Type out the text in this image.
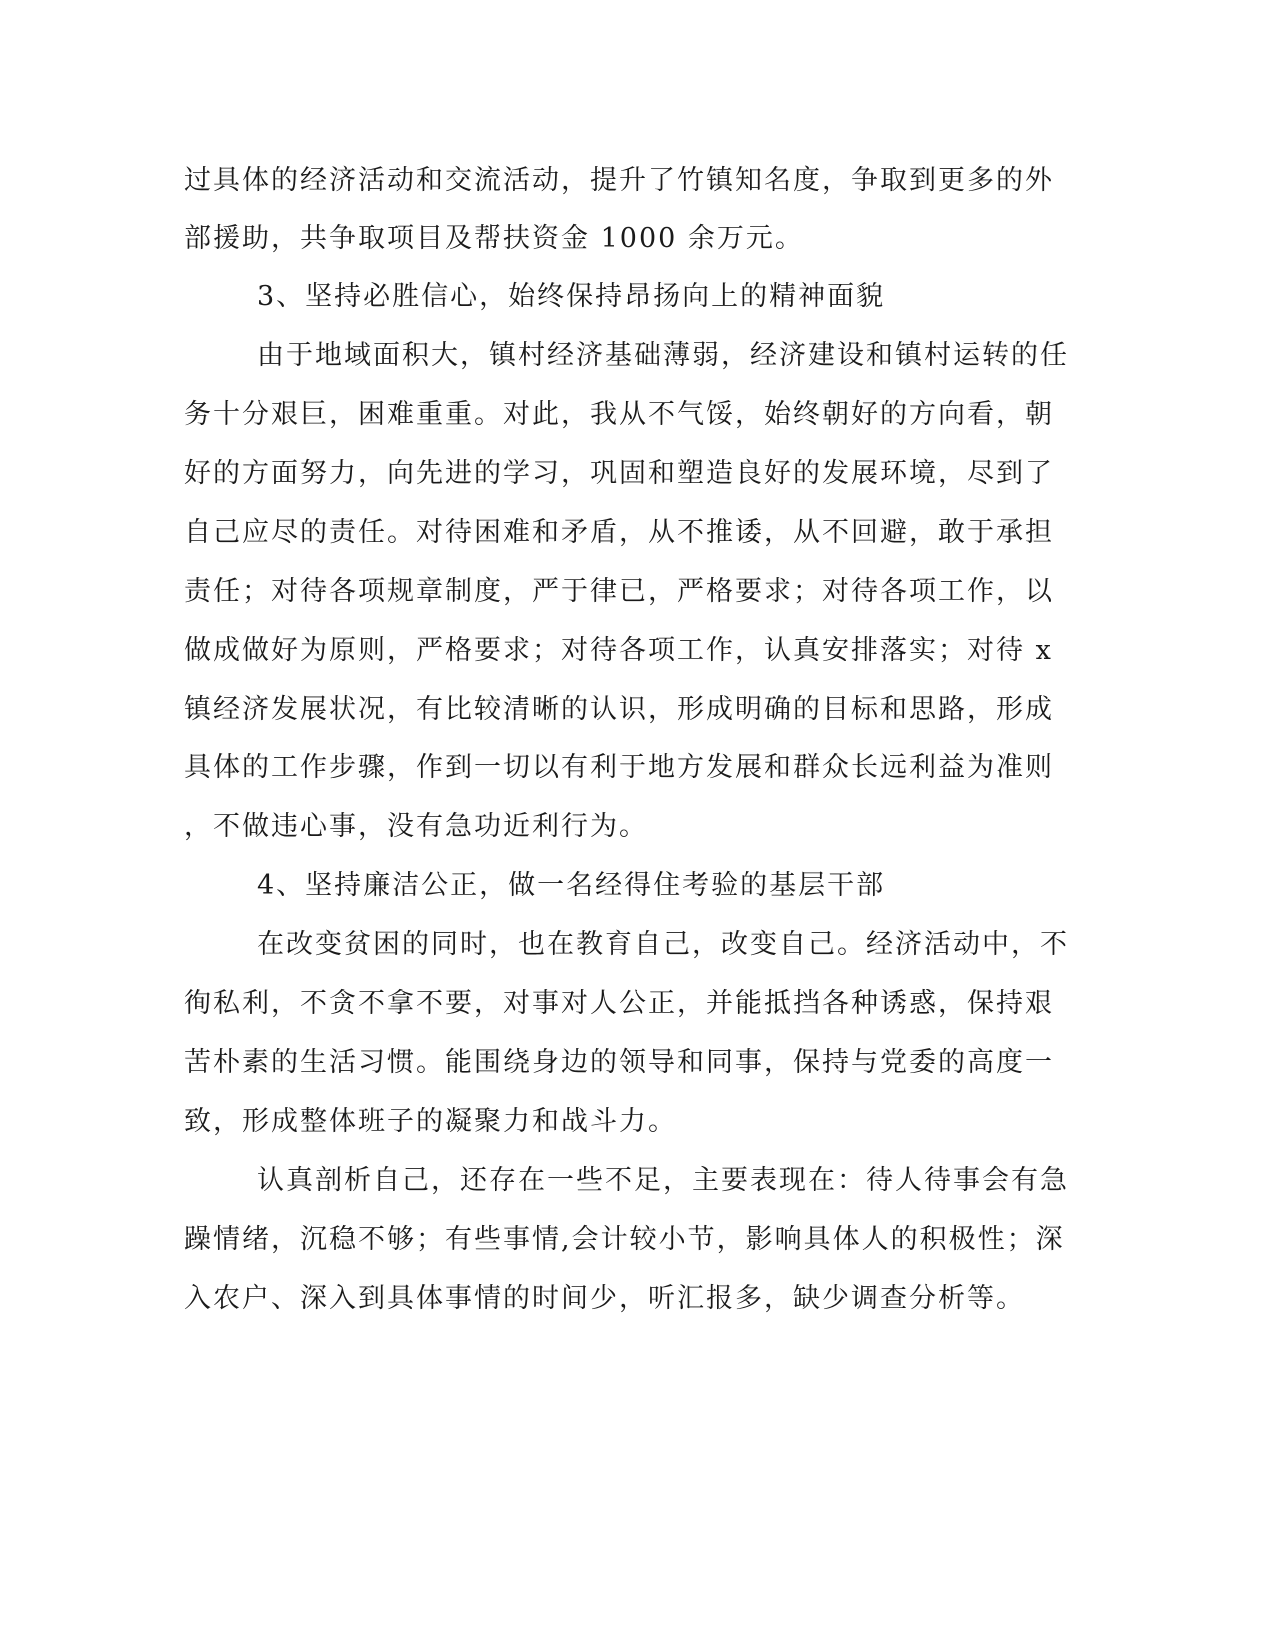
过具体的经济活动和交流活动，提升了竹镇知名度，争取到更多的外
部援助，共争取项目及帮扶资金 1000 余万元。
3、坚持必胜信心，始终保持昂扬向上的精神面貌
由于地域面积大，镇村经济基础薄弱，经济建设和镇村运转的任
务十分艰巨，困难重重。对此，我从不气馁，始终朝好的方向看，朝
好的方面努力，向先进的学习，巩固和塑造良好的发展环境，尽到了
自己应尽的责任。对待困难和矛盾，从不推诿，从不回避，敢于承担
责任；对待各项规章制度，严于律已，严格要求；对待各项工作，以
做成做好为原则，严格要求；对待各项工作，认真安排落实；对待 x
镇经济发展状况，有比较清晰的认识，形成明确的目标和思路，形成
具体的工作步骤，作到一切以有利于地方发展和群众长远利益为准则
，不做违心事，没有急功近利行为。
4、坚持廉洁公正，做一名经得住考验的基层干部
在改变贫困的同时，也在教育自己，改变自己。经济活动中，不
徇私利，不贪不拿不要，对事对人公正，并能抵挡各种诱惑，保持艰
苦朴素的生活习惯。能围绕身边的领导和同事，保持与党委的高度一
致，形成整体班子的凝聚力和战斗力。
认真剖析自己，还存在一些不足，主要表现在：待人待事会有急
躁情绪，沉稳不够；有些事情,会计较小节，影响具体人的积极性；深
入农户、深入到具体事情的时间少，听汇报多，缺少调查分析等。
